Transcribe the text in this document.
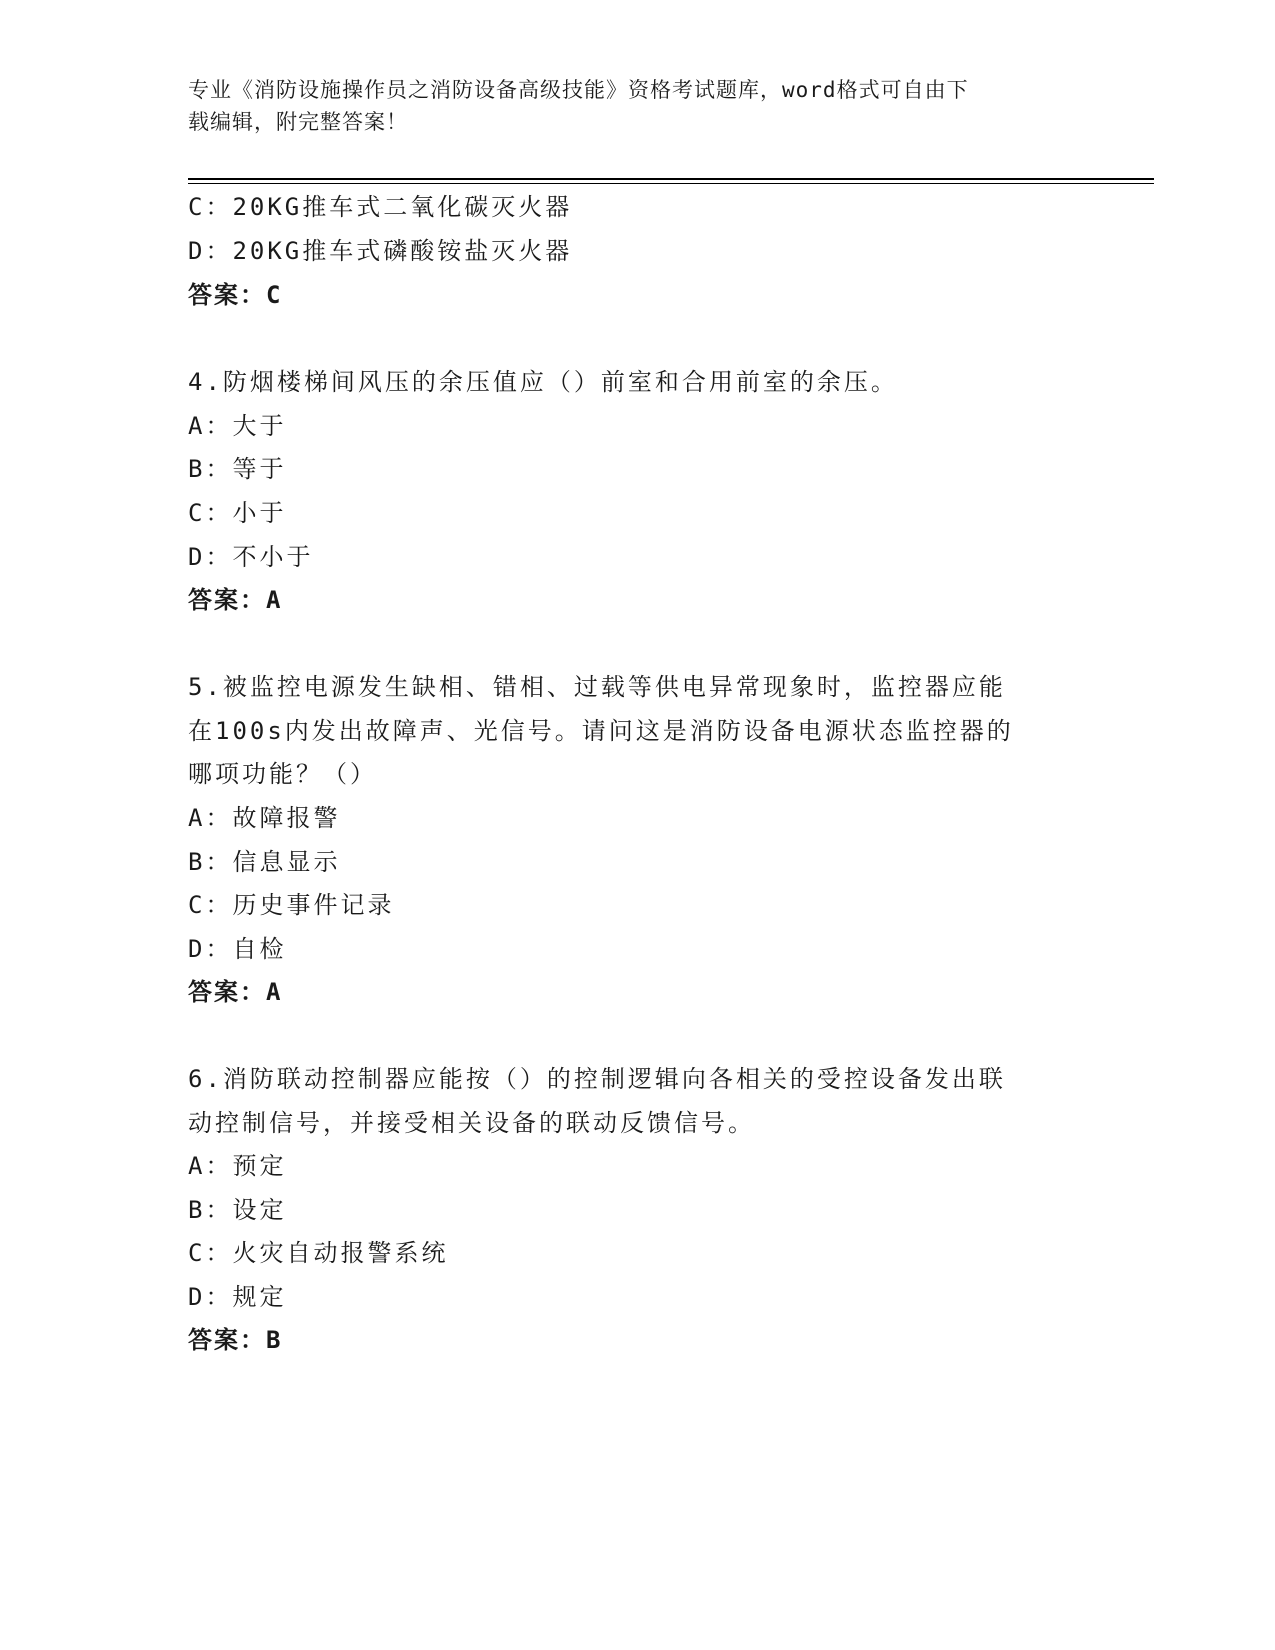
专业《消防设施操作员之消防设备高级技能》资格考试题库，word格式可自由下
载编辑，附完整答案！
C：20KG推车式二氧化碳灭火器
D：20KG推车式磷酸铵盐灭火器
答案：C
4.防烟楼梯间风压的余压值应（）前室和合用前室的余压。
A：大于
B：等于
C：小于
D：不小于
答案：A
5.被监控电源发生缺相、错相、过载等供电异常现象时，监控器应能
在100s内发出故障声、光信号。请问这是消防设备电源状态监控器的
哪项功能？（）
A：故障报警
B：信息显示
C：历史事件记录
D：自检
答案：A
6.消防联动控制器应能按（）的控制逻辑向各相关的受控设备发出联
动控制信号，并接受相关设备的联动反馈信号。
A：预定
B：设定
C：火灾自动报警系统
D：规定
答案：B
